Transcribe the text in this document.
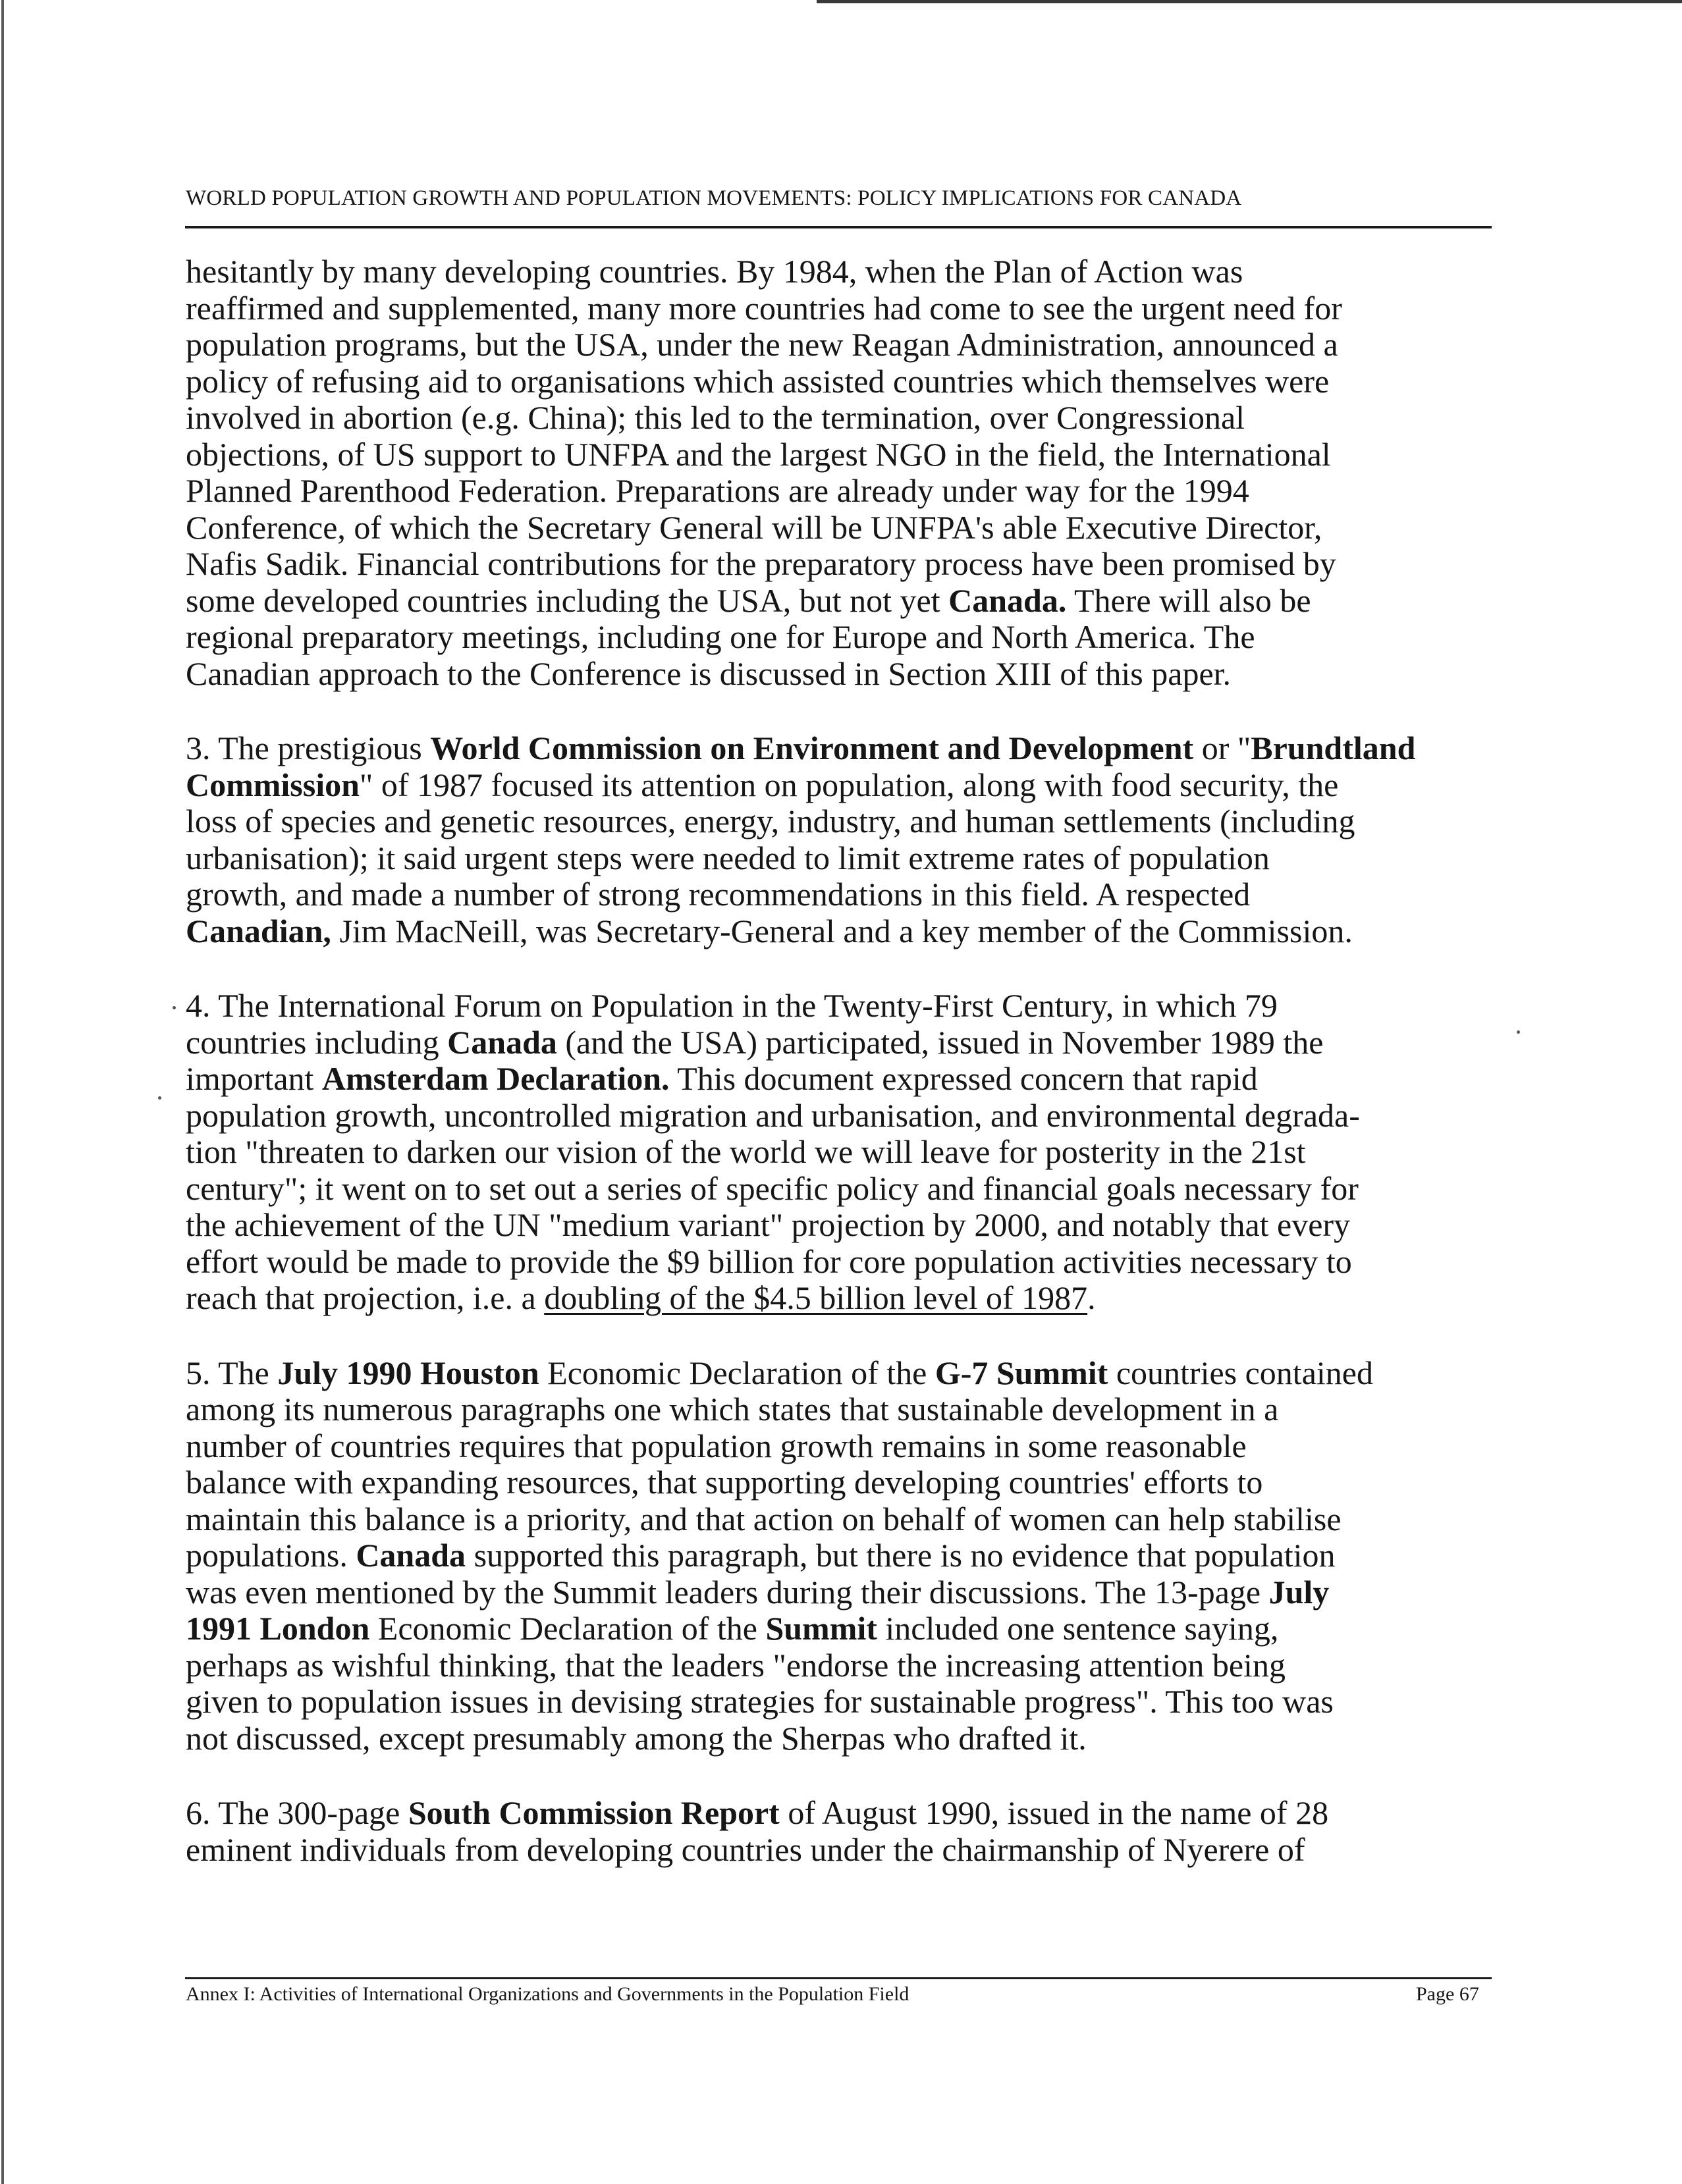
WORLD POPULATION GROWTH AND POPULATION MOVEMENTS: POLICY IMPLICATIONS FOR CANADA
hesitantly by many developing countries. By 1984, when the Plan of Action was
reaffirmed and supplemented, many more countries had come to see the urgent need for
population programs, but the USA, under the new Reagan Administration, announced a
policy of refusing aid to organisations which assisted countries which themselves were
involved in abortion (e.g. China); this led to the termination, over Congressional
objections, of US support to UNFPA and the largest NGO in the field, the International
Planned Parenthood Federation. Preparations are already under way for the 1994
Conference, of which the Secretary General will be UNFPA's able Executive Director,
Nafis Sadik. Financial contributions for the preparatory process have been promised by
some developed countries including the USA, but not yet Canada. There will also be
regional preparatory meetings, including one for Europe and North America. The
Canadian approach to the Conference is discussed in Section XIII of this paper.
3. The prestigious World Commission on Environment and Development or "Brundtland
Commission" of 1987 focused its attention on population, along with food security, the
loss of species and genetic resources, energy, industry, and human settlements (including
urbanisation); it said urgent steps were needed to limit extreme rates of population
growth, and made a number of strong recommendations in this field. A respected
Canadian, Jim MacNeill, was Secretary-General and a key member of the Commission.
4. The International Forum on Population in the Twenty-First Century, in which 79
countries including Canada (and the USA) participated, issued in November 1989 the
important Amsterdam Declaration. This document expressed concern that rapid
population growth, uncontrolled migration and urbanisation, and environmental degrada-
tion "threaten to darken our vision of the world we will leave for posterity in the 21st
century"; it went on to set out a series of specific policy and financial goals necessary for
the achievement of the UN "medium variant" projection by 2000, and notably that every
effort would be made to provide the $9 billion for core population activities necessary to
reach that projection, i.e. a doubling of the $4.5 billion level of 1987.
5. The July 1990 Houston Economic Declaration of the G-7 Summit countries contained
among its numerous paragraphs one which states that sustainable development in a
number of countries requires that population growth remains in some reasonable
balance with expanding resources, that supporting developing countries' efforts to
maintain this balance is a priority, and that action on behalf of women can help stabilise
populations. Canada supported this paragraph, but there is no evidence that population
was even mentioned by the Summit leaders during their discussions. The 13-page July
1991 London Economic Declaration of the Summit included one sentence saying,
perhaps as wishful thinking, that the leaders "endorse the increasing attention being
given to population issues in devising strategies for sustainable progress". This too was
not discussed, except presumably among the Sherpas who drafted it.
6. The 300-page South Commission Report of August 1990, issued in the name of 28
eminent individuals from developing countries under the chairmanship of Nyerere of
Annex I: Activities of International Organizations and Governments in the Population Field	Page 67
